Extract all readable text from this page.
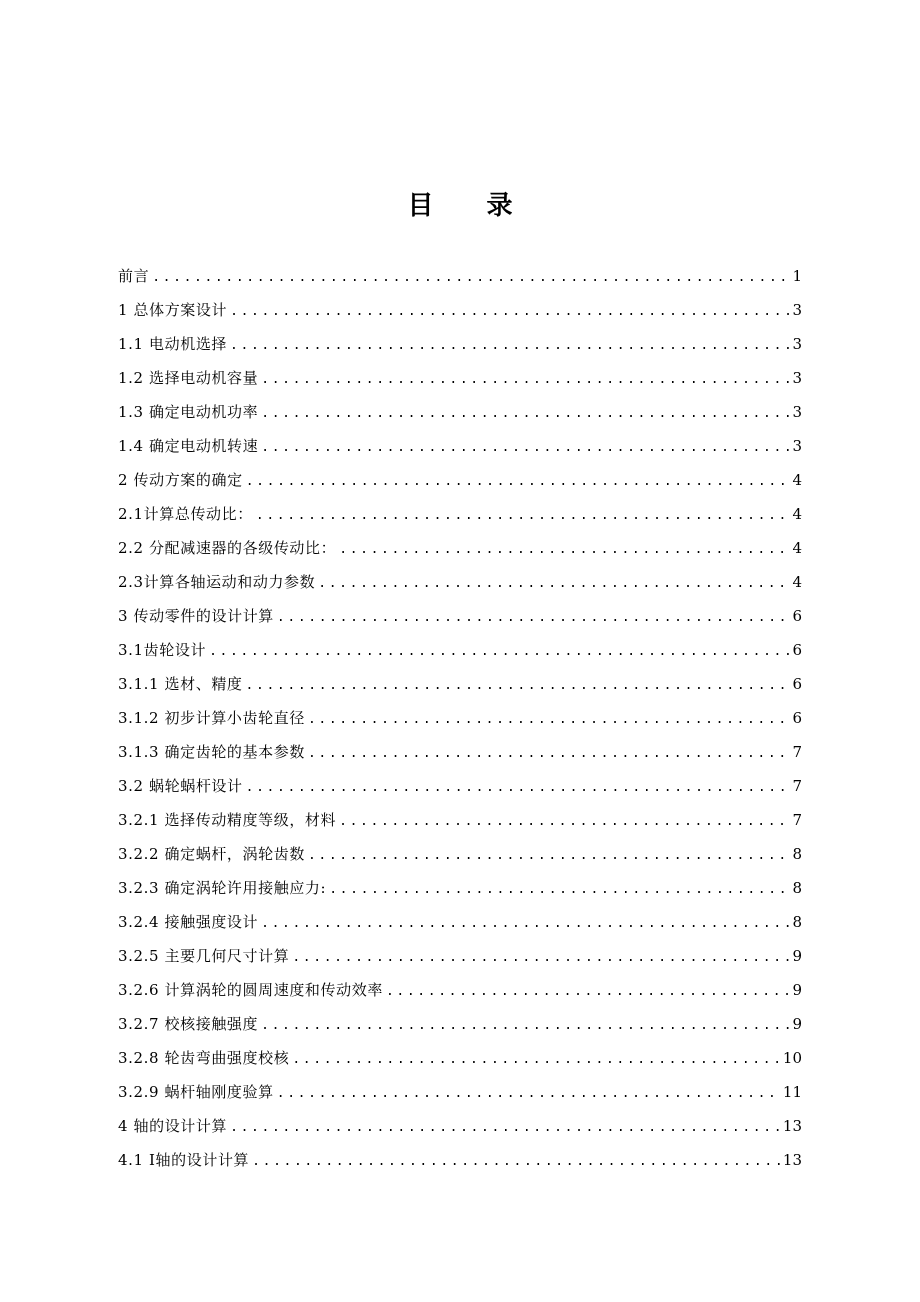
目 录
前言 . . .	1
1 总体方案设计 . . .	3
1.1 电动机选择 . . .	3
1.2 选择电动机容量 . . .	3
1.3 确定电动机功率 . . .	3
1.4 确定电动机转速 . . .	3
2 传动方案的确定 . . .	4
2.1计算总传动比： . . .	4
2.2 分配减速器的各级传动比： . . .	4
2.3计算各轴运动和动力参数 . . .	4
3 传动零件的设计计算 . . .	6
3.1齿轮设计 . . .	6
3.1.1 选材、精度 . . .	6
3.1.2 初步计算小齿轮直径 . . .	6
3.1.3 确定齿轮的基本参数 . . .	7
3.2 蜗轮蜗杆设计 . . .	7
3.2.1 选择传动精度等级，材料 . . .	7
3.2.2 确定蜗杆，涡轮齿数 . . .	8
3.2.3 确定涡轮许用接触应力: . . .	8
3.2.4 接触强度设计 . . .	8
3.2.5 主要几何尺寸计算 . . .	9
3.2.6 计算涡轮的圆周速度和传动效率 . . .	9
3.2.7 校核接触强度 . . .	9
3.2.8 轮齿弯曲强度校核 . . .	10
3.2.9 蜗杆轴刚度验算 . . .	11
4 轴的设计计算 . . .	13
4.1 I轴的设计计算 . . .	13
